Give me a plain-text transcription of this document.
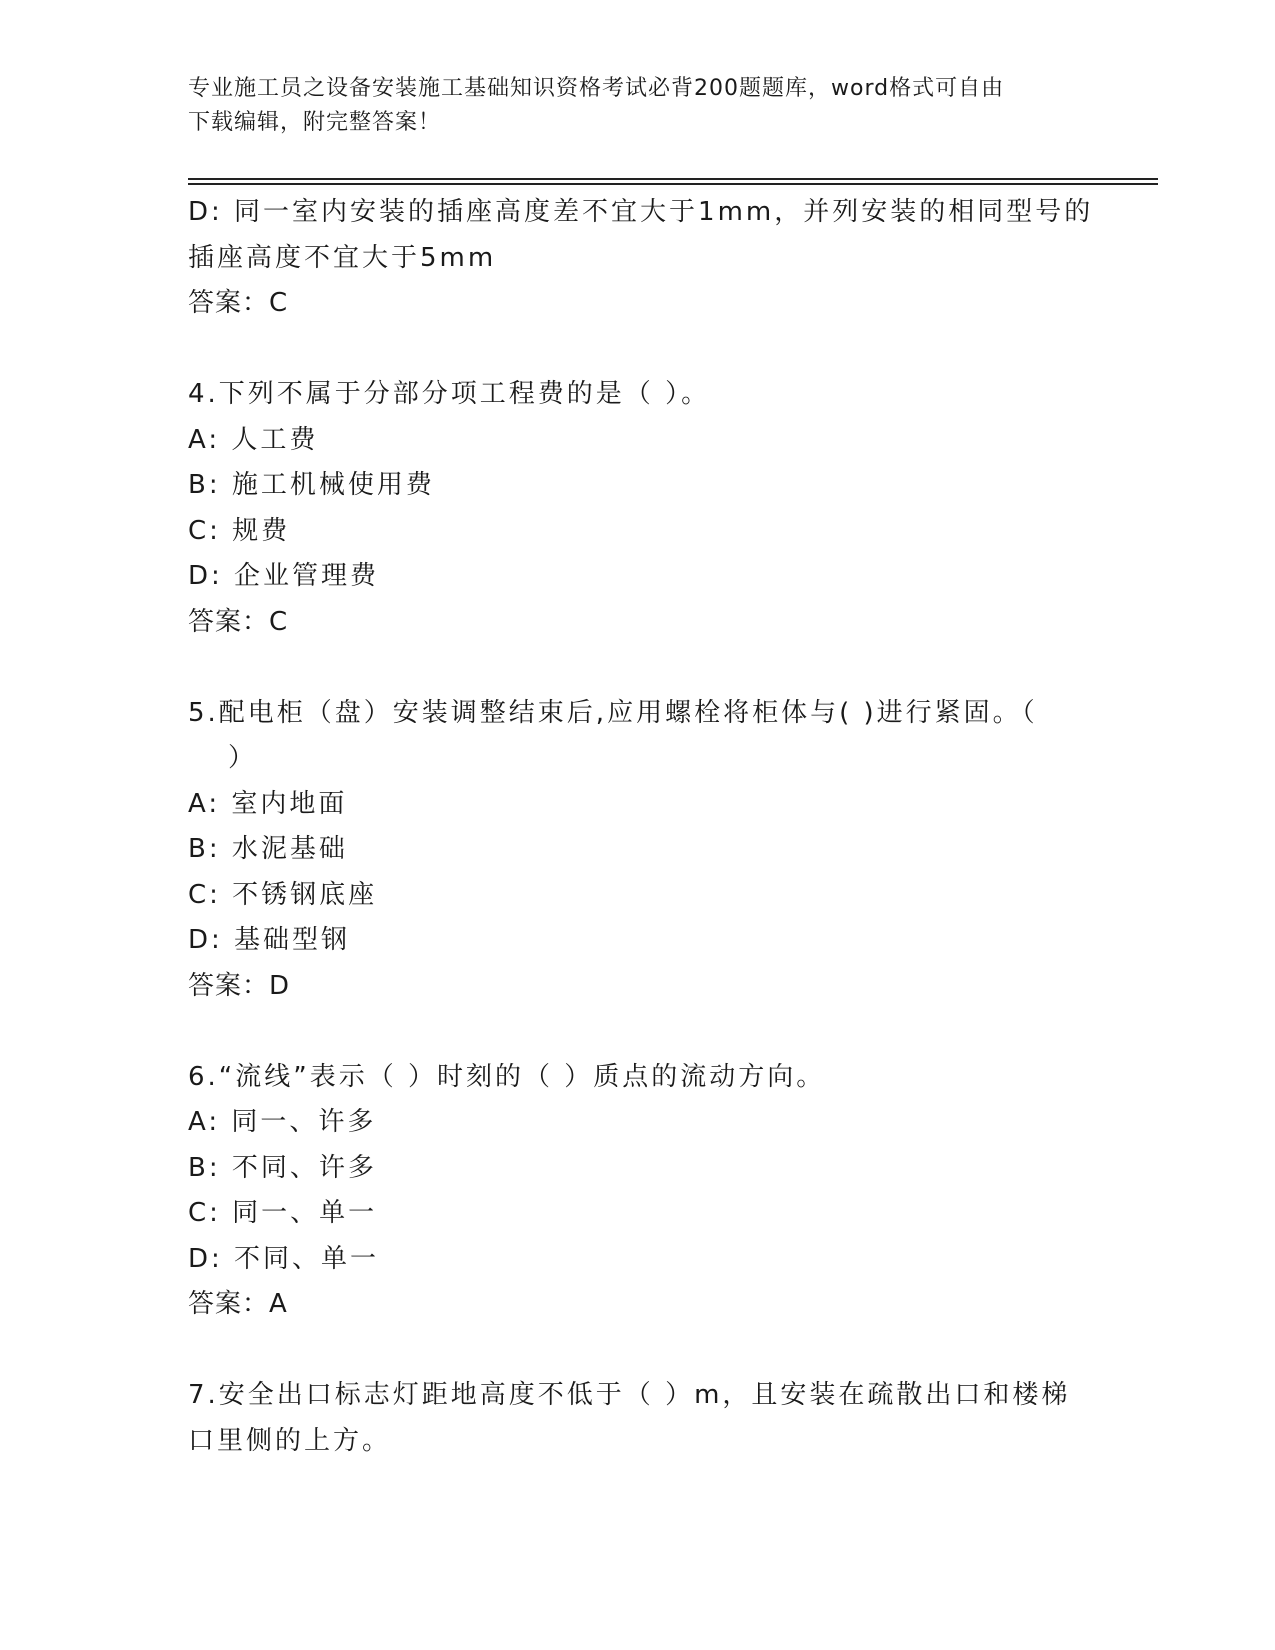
专业施工员之设备安装施工基础知识资格考试必背200题题库，word格式可自由
下载编辑，附完整答案！
D: 同一室内安装的插座高度差不宜大于1mm，并列安装的相同型号的
插座高度不宜大于5mm
答案：C
4.下列不属于分部分项工程费的是（ ）。
A: 人工费
B: 施工机械使用费
C: 规费
D: 企业管理费
答案：C
5.配电柜（盘）安装调整结束后,应用螺栓将柜体与( )进行紧固。（
）
A: 室内地面
B: 水泥基础
C: 不锈钢底座
D: 基础型钢
答案：D
6.“流线”表示（ ）时刻的（ ）质点的流动方向。
A: 同一、许多
B: 不同、许多
C: 同一、单一
D: 不同、单一
答案：A
7.安全出口标志灯距地高度不低于（ ）m，且安装在疏散出口和楼梯
口里侧的上方。
